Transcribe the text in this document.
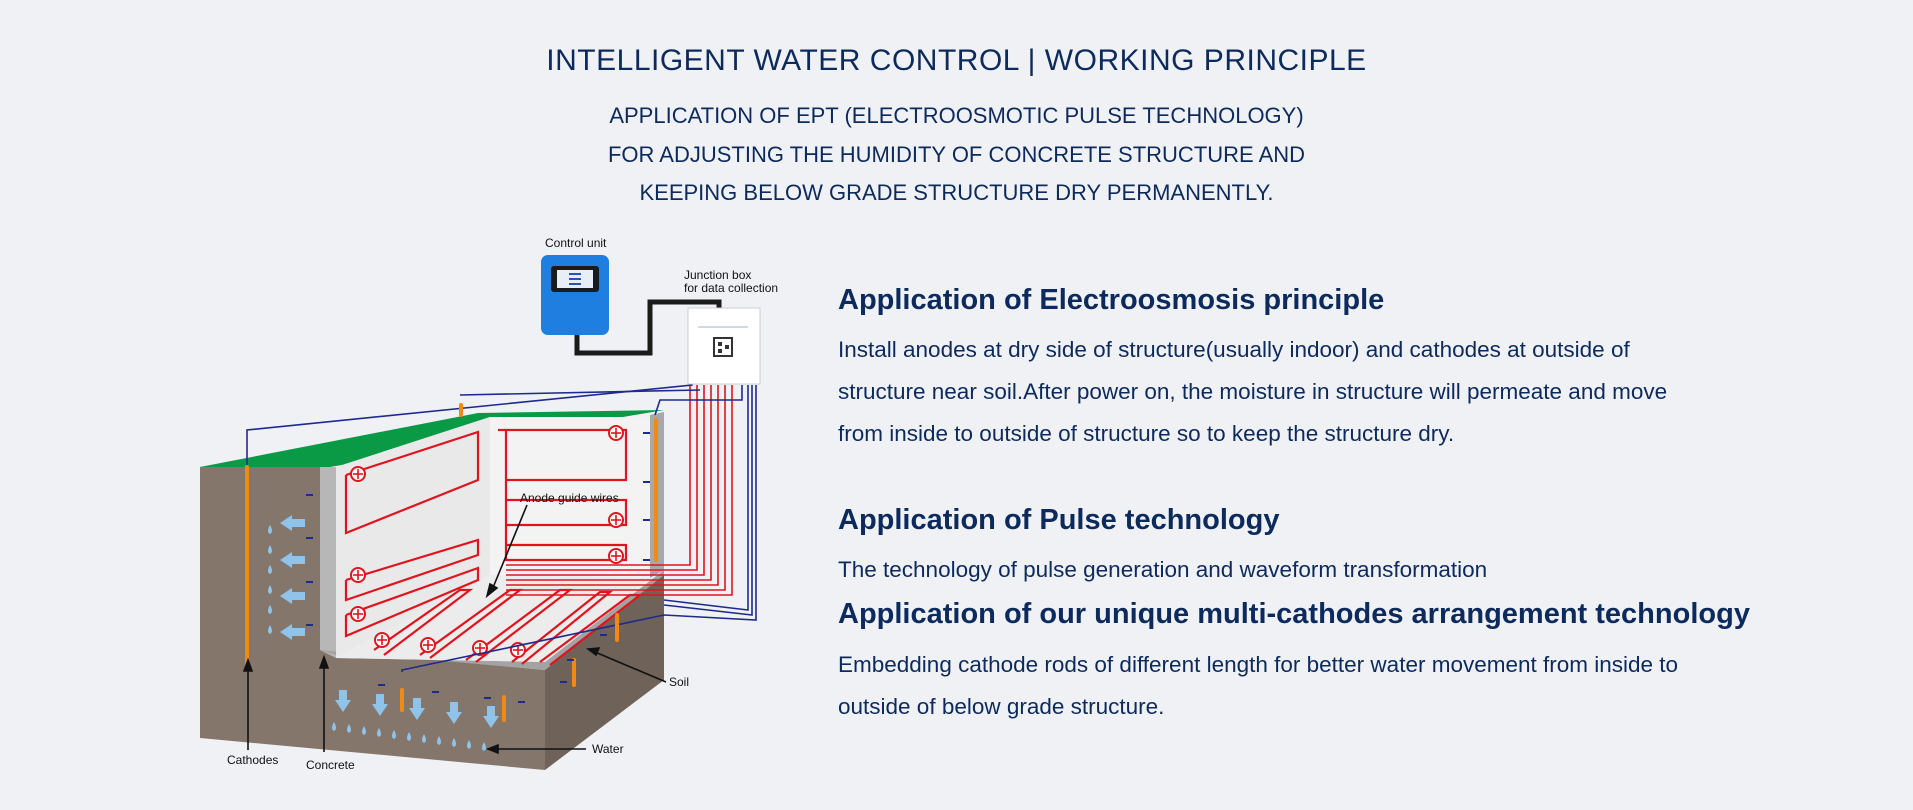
INTELLIGENT WATER CONTROL | WORKING PRINCIPLE
APPLICATION OF EPT (ELECTROOSMOTIC PULSE TECHNOLOGY)
FOR ADJUSTING THE HUMIDITY OF CONCRETE STRUCTURE AND
KEEPING BELOW GRADE STRUCTURE DRY PERMANENTLY.
Control unit
Junction box
for data collection
Anode guide wires
Soil
Water
Cathodes Concrete
Application of Electroosmosis principle

Install anodes at dry side of structure(usually indoor) and cathodes at outside of structure near soil.After power on, the moisture in structure will permeate and move from inside to outside of structure so to keep the structure dry.

Application of Pulse technology

The technology of pulse generation and waveform transformation

Application of our unique multi-cathodes arrangement technology

Embedding cathode rods of different length for better water movement from inside to outside of below grade structure.
